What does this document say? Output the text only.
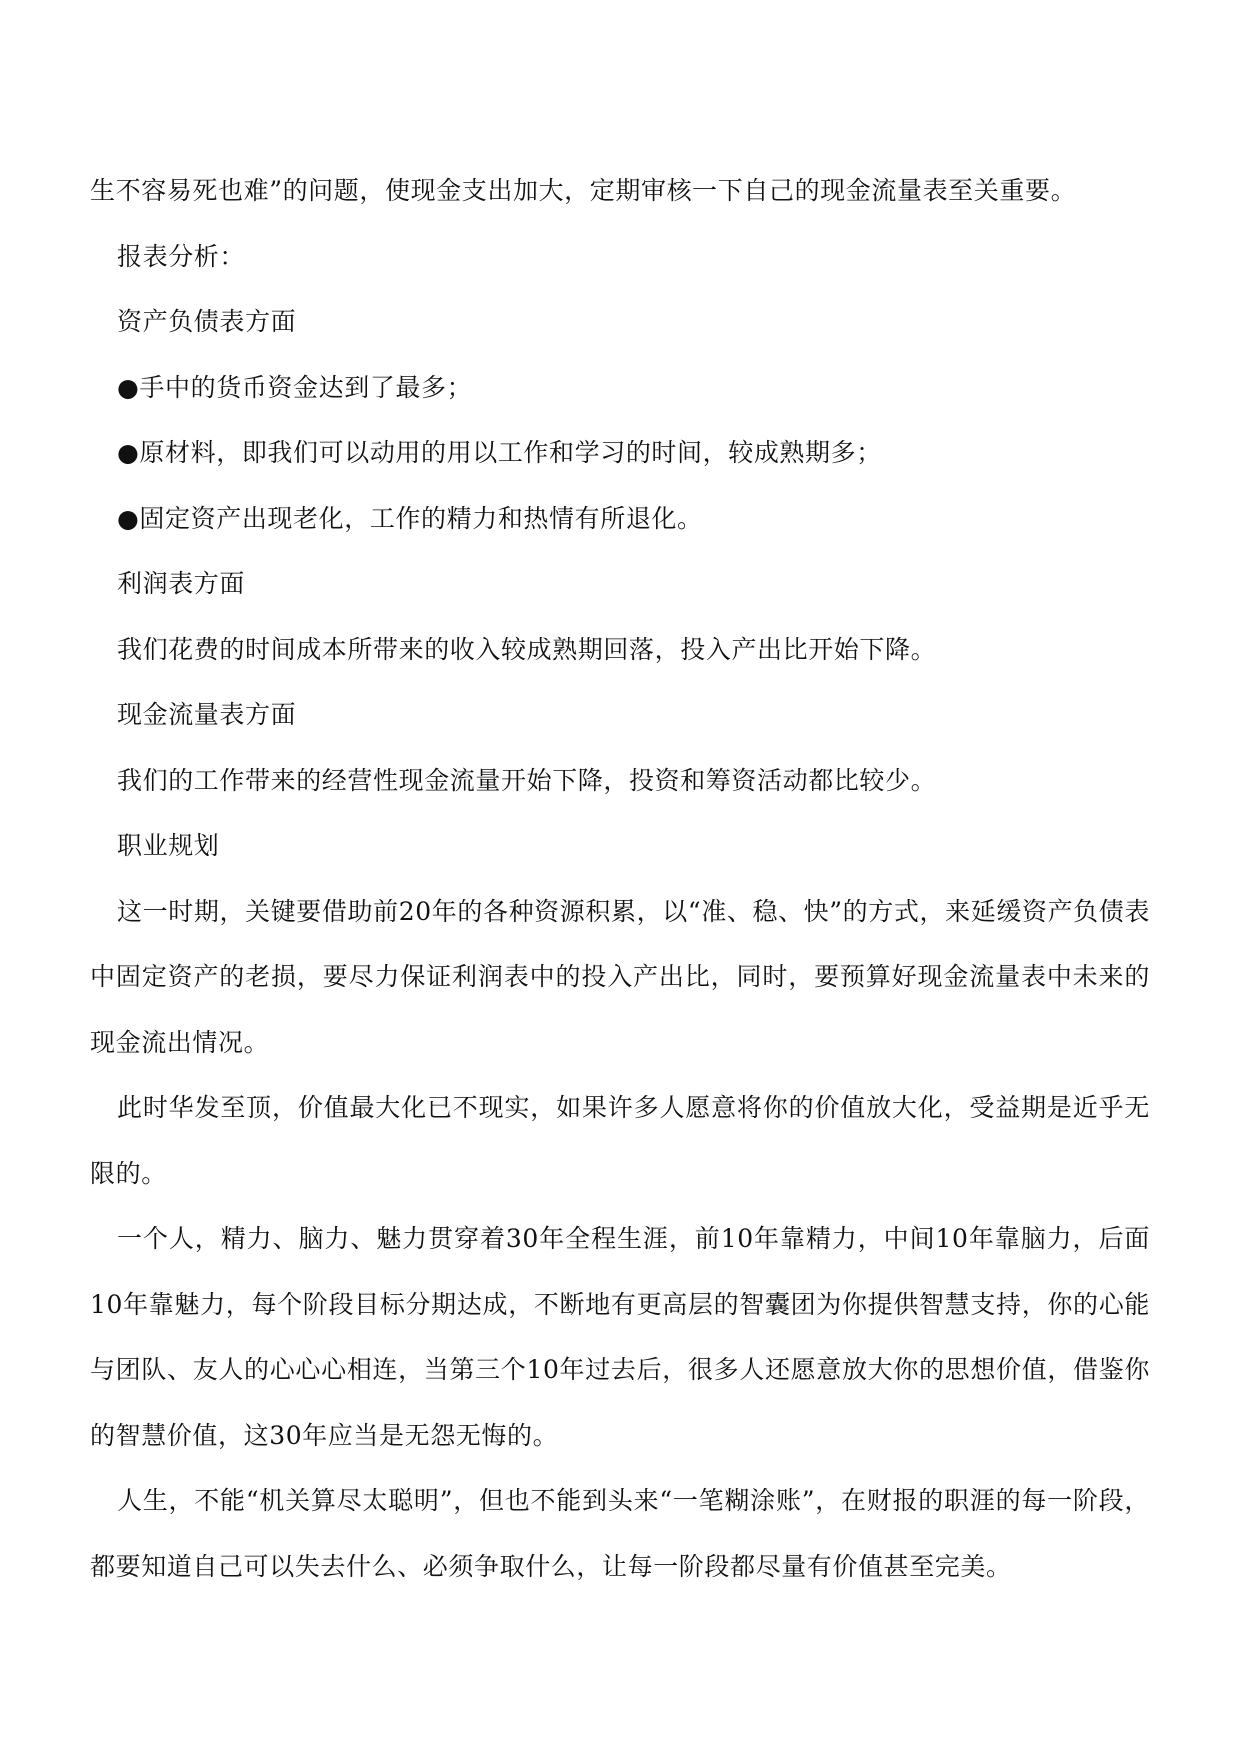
生不容易死也难”的问题，使现金支出加大，定期审核一下自己的现金流量表至关重要。

报表分析：

资产负债表方面

●手中的货币资金达到了最多；

●原材料，即我们可以动用的用以工作和学习的时间，较成熟期多；

●固定资产出现老化，工作的精力和热情有所退化。

利润表方面

我们花费的时间成本所带来的收入较成熟期回落，投入产出比开始下降。

现金流量表方面

我们的工作带来的经营性现金流量开始下降，投资和筹资活动都比较少。

职业规划

这一时期，关键要借助前20年的各种资源积累，以“准、稳、快”的方式，来延缓资产负债表中固定资产的老损，要尽力保证利润表中的投入产出比，同时，要预算好现金流量表中未来的现金流出情况。

此时华发至顶，价值最大化已不现实，如果许多人愿意将你的价值放大化，受益期是近乎无限的。

一个人，精力、脑力、魅力贯穿着30年全程生涯，前10年靠精力，中间10年靠脑力，后面10年靠魅力，每个阶段目标分期达成，不断地有更高层的智囊团为你提供智慧支持，你的心能与团队、友人的心心心相连，当第三个10年过去后，很多人还愿意放大你的思想价值，借鉴你的智慧价值，这30年应当是无怨无悔的。

人生，不能“机关算尽太聪明”，但也不能到头来“一笔糊涂账”，在财报的职涯的每一阶段，都要知道自己可以失去什么、必须争取什么，让每一阶段都尽量有价值甚至完美。
